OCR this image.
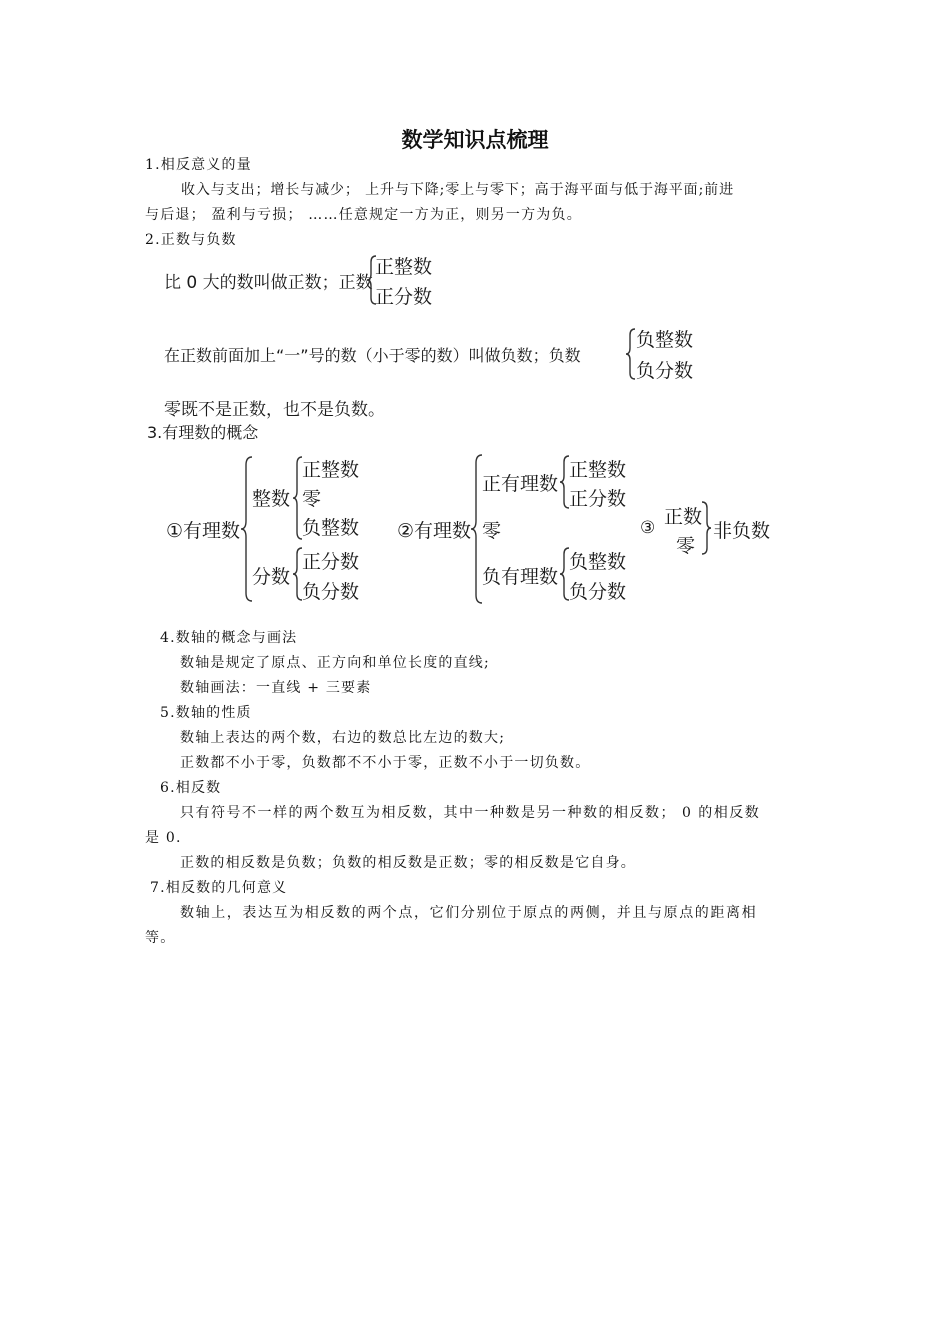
数学知识点梳理
1.相反意义的量
收入与支出；增长与减少； 上升与下降;零上与零下；高于海平面与低于海平面;前进
与后退； 盈利与亏损； ……任意规定一方为正，则另一方为负。
2.正数与负数
比 0 大的数叫做正数；正数
正整数
正分数
在正数前面加上“一”号的数（小于零的数）叫做负数；负数
负整数
负分数
零既不是正数，也不是负数。
3.有理数的概念
①有理数
整数
正整数
零
负整数
分数
正分数
负分数
②有理数
正有理数
正整数
正分数
零
负有理数
负整数
负分数
③ 正数
零
非负数
4.数轴的概念与画法
数轴是规定了原点、正方向和单位长度的直线;
数轴画法：一直线 + 三要素
5.数轴的性质
数轴上表达的两个数，右边的数总比左边的数大;
正数都不小于零，负数都不不小于零，正数不小于一切负数。
6.相反数
只有符号不一样的两个数互为相反数，其中一种数是另一种数的相反数； 0 的相反数
是 0.
正数的相反数是负数；负数的相反数是正数；零的相反数是它自身。
7.相反数的几何意义
数轴上，表达互为相反数的两个点，它们分别位于原点的两侧，并且与原点的距离相
等。
